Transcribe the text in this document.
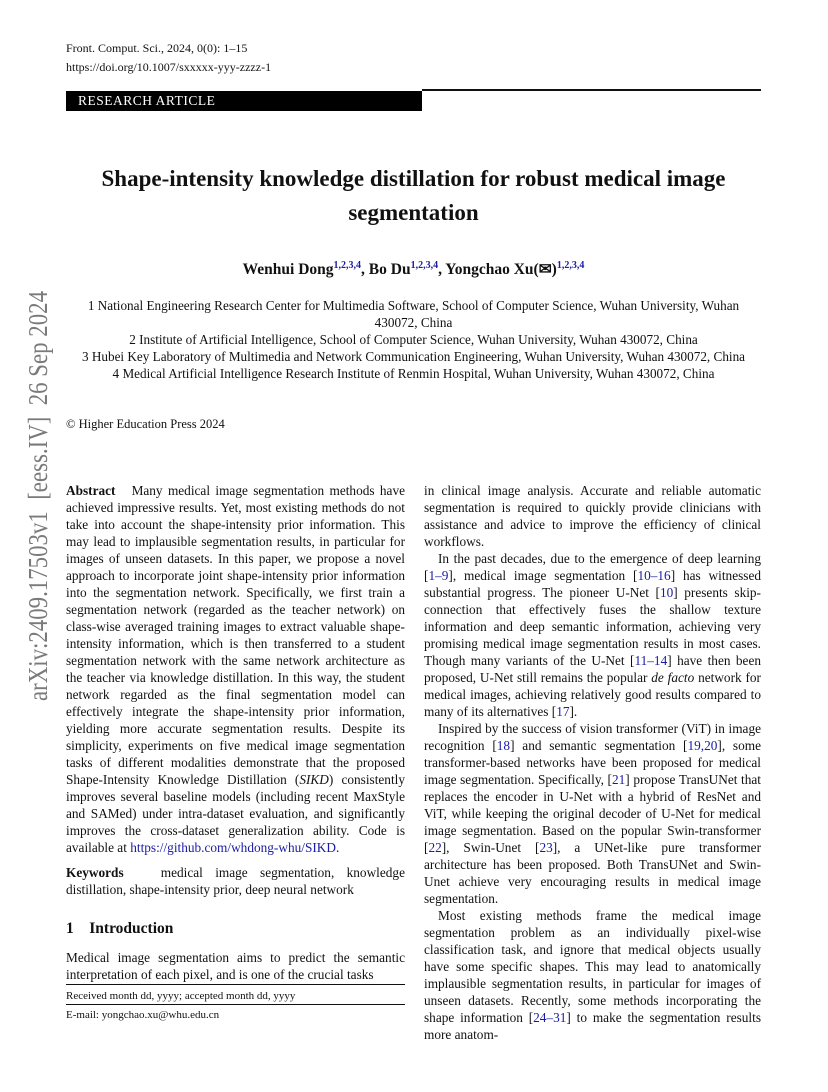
Front. Comput. Sci., 2024, 0(0): 1–15
https://doi.org/10.1007/sxxxxx-yyy-zzzz-1
RESEARCH ARTICLE
arXiv:2409.17503v1  [eess.IV]  26 Sep 2024
Shape-intensity knowledge distillation for robust medical image
segmentation
Wenhui Dong$^{1,2,3,4}$, Bo Du$^{1,2,3,4}$, Yongchao Xu(✉)$^{1,2,3,4}$
1 National Engineering Research Center for Multimedia Software, School of Computer Science, Wuhan University, Wuhan
430072, China
2 Institute of Artificial Intelligence, School of Computer Science, Wuhan University, Wuhan 430072, China
3 Hubei Key Laboratory of Multimedia and Network Communication Engineering, Wuhan University, Wuhan 430072, China
4 Medical Artificial Intelligence Research Institute of Renmin Hospital, Wuhan University, Wuhan 430072, China
© Higher Education Press 2024

Abstract Many medical image segmentation methods have achieved impressive results. Yet, most existing methods do not take into account the shape-intensity prior information. This may lead to implausible segmentation results, in particular for images of unseen datasets. In this paper, we propose a novel approach to incorporate joint shape-intensity prior information into the segmentation network. Specifically, we first train a segmentation network (regarded as the teacher network) on class-wise averaged training images to extract valuable shape-intensity information, which is then transferred to a student segmentation network with the same network architecture as the teacher via knowledge distillation. In this way, the student network regarded as the final segmentation model can effectively integrate the shape-intensity prior information, yielding more accurate segmentation results. Despite its simplicity, experiments on five medical image segmentation tasks of different modalities demonstrate that the proposed Shape-Intensity Knowledge Distillation (SIKD) consistently improves several baseline models (including recent MaxStyle and SAMed) under intra-dataset evaluation, and significantly improves the cross-dataset generalization ability. Code is available at https://github.com/whdong-whu/SIKD.

Keywords	medical image segmentation, knowledge distillation, shape-intensity prior, deep neural network

1 Introduction

Medical image segmentation aims to predict the semantic interpretation of each pixel, and is one of the crucial tasks

Received month dd, yyyy; accepted month dd, yyyy
E-mail: yongchao.xu@whu.edu.cn

in clinical image analysis. Accurate and reliable automatic segmentation is required to quickly provide clinicians with assistance and advice to improve the efficiency of clinical workflows.

In the past decades, due to the emergence of deep learning [1–9], medical image segmentation [10–16] has witnessed substantial progress. The pioneer U-Net [10] presents skip-connection that effectively fuses the shallow texture information and deep semantic information, achieving very promising medical image segmentation results in most cases. Though many variants of the U-Net [11–14] have then been proposed, U-Net still remains the popular de facto network for medical images, achieving relatively good results compared to many of its alternatives [17].

Inspired by the success of vision transformer (ViT) in image recognition [18] and semantic segmentation [19,20], some transformer-based networks have been proposed for medical image segmentation. Specifically, [21] propose TransUNet that replaces the encoder in U-Net with a hybrid of ResNet and ViT, while keeping the original decoder of U-Net for medical image segmentation. Based on the popular Swin-transformer [22], Swin-Unet [23], a UNet-like pure transformer architecture has been proposed. Both TransUNet and Swin-Unet achieve very encouraging results in medical image segmentation.

Most existing methods frame the medical image segmentation problem as an individually pixel-wise classification task, and ignore that medical objects usually have some specific shapes. This may lead to anatomically implausible segmentation results, in particular for images of unseen datasets. Recently, some methods incorporating the shape information [24–31] to make the segmentation results more anatom-
